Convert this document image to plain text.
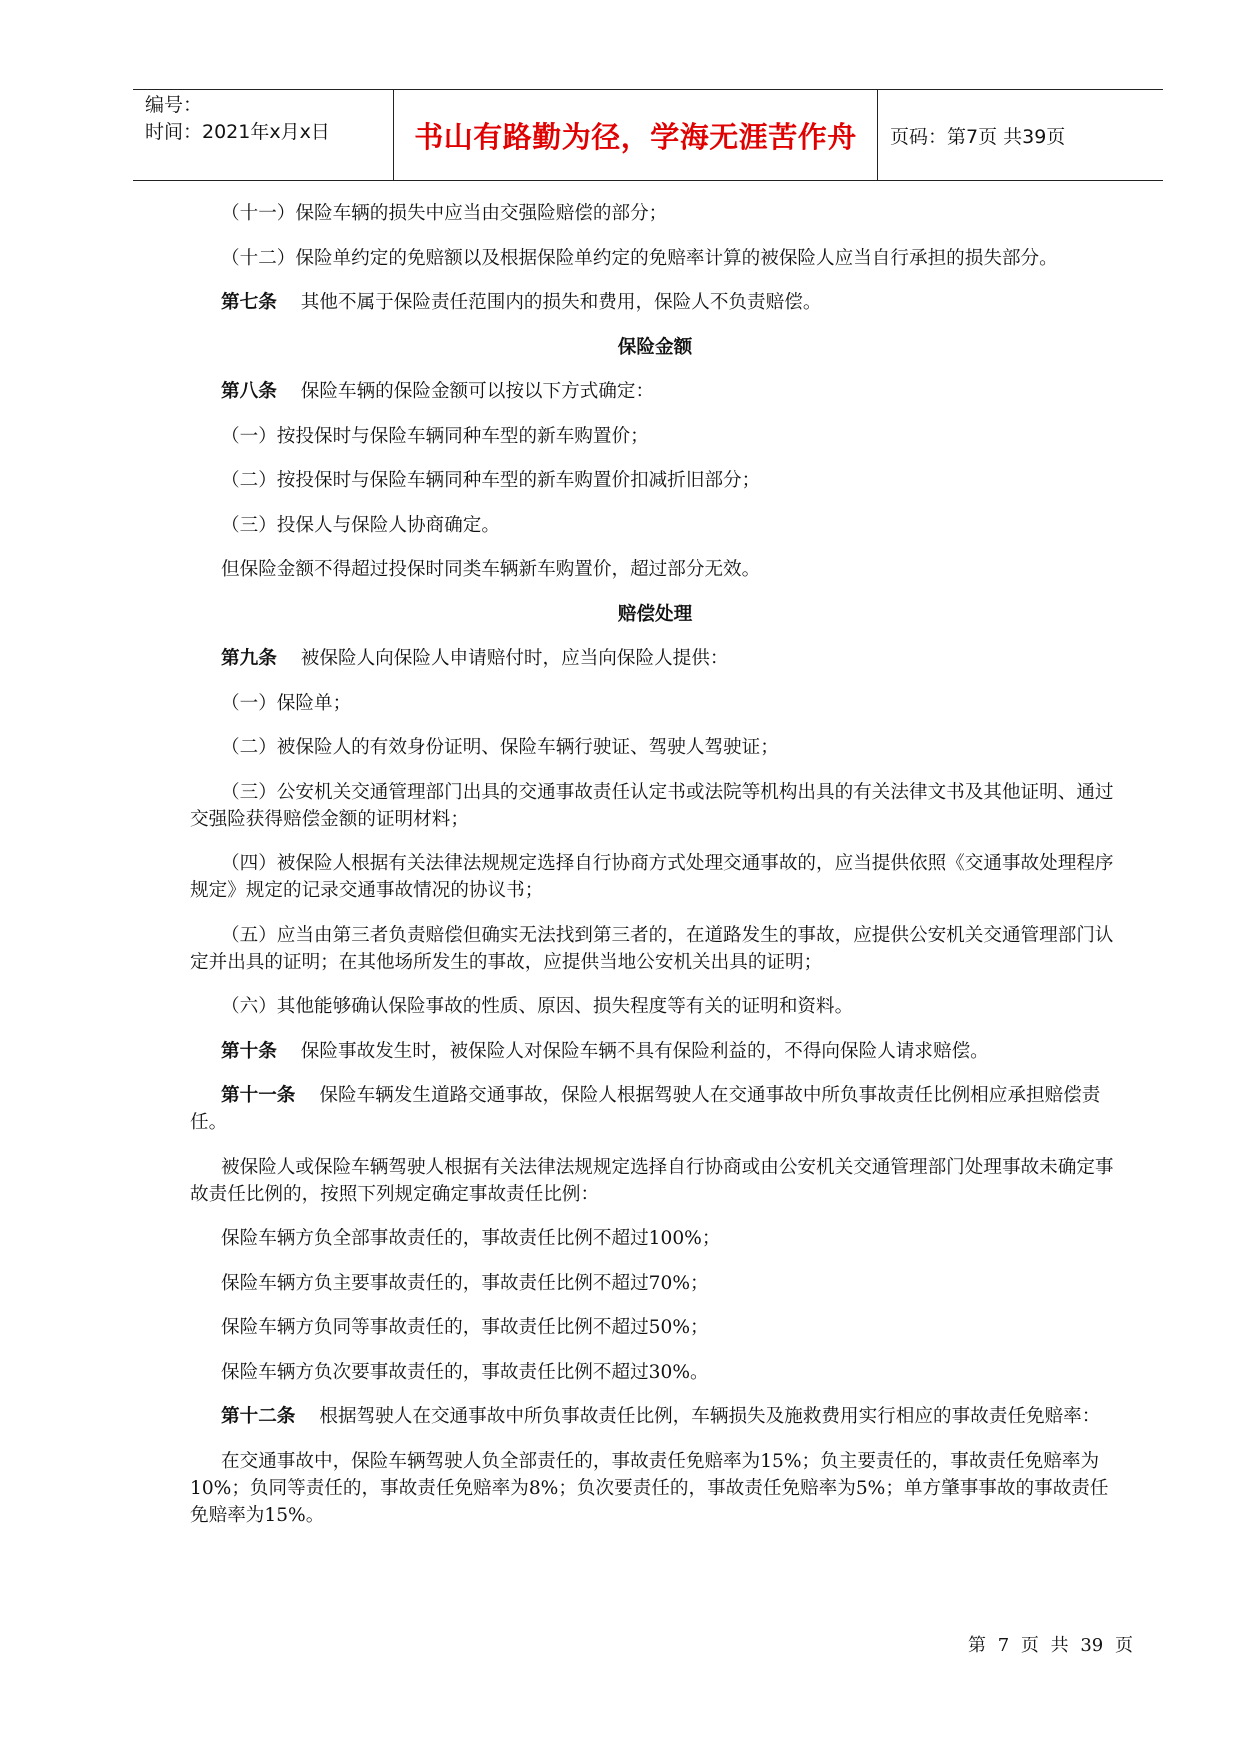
编号：
时间：2021年x月x日	书山有路勤为径，学海无涯苦作舟	页码：第7页 共39页

（十一）保险车辆的损失中应当由交强险赔偿的部分；

（十二）保险单约定的免赔额以及根据保险单约定的免赔率计算的被保险人应当自行承担的损失部分。

第七条 其他不属于保险责任范围内的损失和费用，保险人不负责赔偿。

保险金额

第八条 保险车辆的保险金额可以按以下方式确定：

（一）按投保时与保险车辆同种车型的新车购置价；

（二）按投保时与保险车辆同种车型的新车购置价扣减折旧部分；

（三）投保人与保险人协商确定。

但保险金额不得超过投保时同类车辆新车购置价，超过部分无效。

赔偿处理

第九条 被保险人向保险人申请赔付时，应当向保险人提供：

（一）保险单；

（二）被保险人的有效身份证明、保险车辆行驶证、驾驶人驾驶证；

（三）公安机关交通管理部门出具的交通事故责任认定书或法院等机构出具的有关法律文书及其他证明、通过交强险获得赔偿金额的证明材料；

（四）被保险人根据有关法律法规规定选择自行协商方式处理交通事故的，应当提供依照《交通事故处理程序规定》规定的记录交通事故情况的协议书；

（五）应当由第三者负责赔偿但确实无法找到第三者的，在道路发生的事故，应提供公安机关交通管理部门认定并出具的证明；在其他场所发生的事故，应提供当地公安机关出具的证明；

（六）其他能够确认保险事故的性质、原因、损失程度等有关的证明和资料。

第十条 保险事故发生时，被保险人对保险车辆不具有保险利益的，不得向保险人请求赔偿。

第十一条 保险车辆发生道路交通事故，保险人根据驾驶人在交通事故中所负事故责任比例相应承担赔偿责任。

被保险人或保险车辆驾驶人根据有关法律法规规定选择自行协商或由公安机关交通管理部门处理事故未确定事故责任比例的，按照下列规定确定事故责任比例：

保险车辆方负全部事故责任的，事故责任比例不超过100%；

保险车辆方负主要事故责任的，事故责任比例不超过70%；

保险车辆方负同等事故责任的，事故责任比例不超过50%；

保险车辆方负次要事故责任的，事故责任比例不超过30%。

第十二条 根据驾驶人在交通事故中所负事故责任比例，车辆损失及施救费用实行相应的事故责任免赔率：

在交通事故中，保险车辆驾驶人负全部责任的，事故责任免赔率为15%；负主要责任的，事故责任免赔率为10%；负同等责任的，事故责任免赔率为8%；负次要责任的，事故责任免赔率为5%；单方肇事事故的事故责任免赔率为15%。

第 7 页 共 39 页
